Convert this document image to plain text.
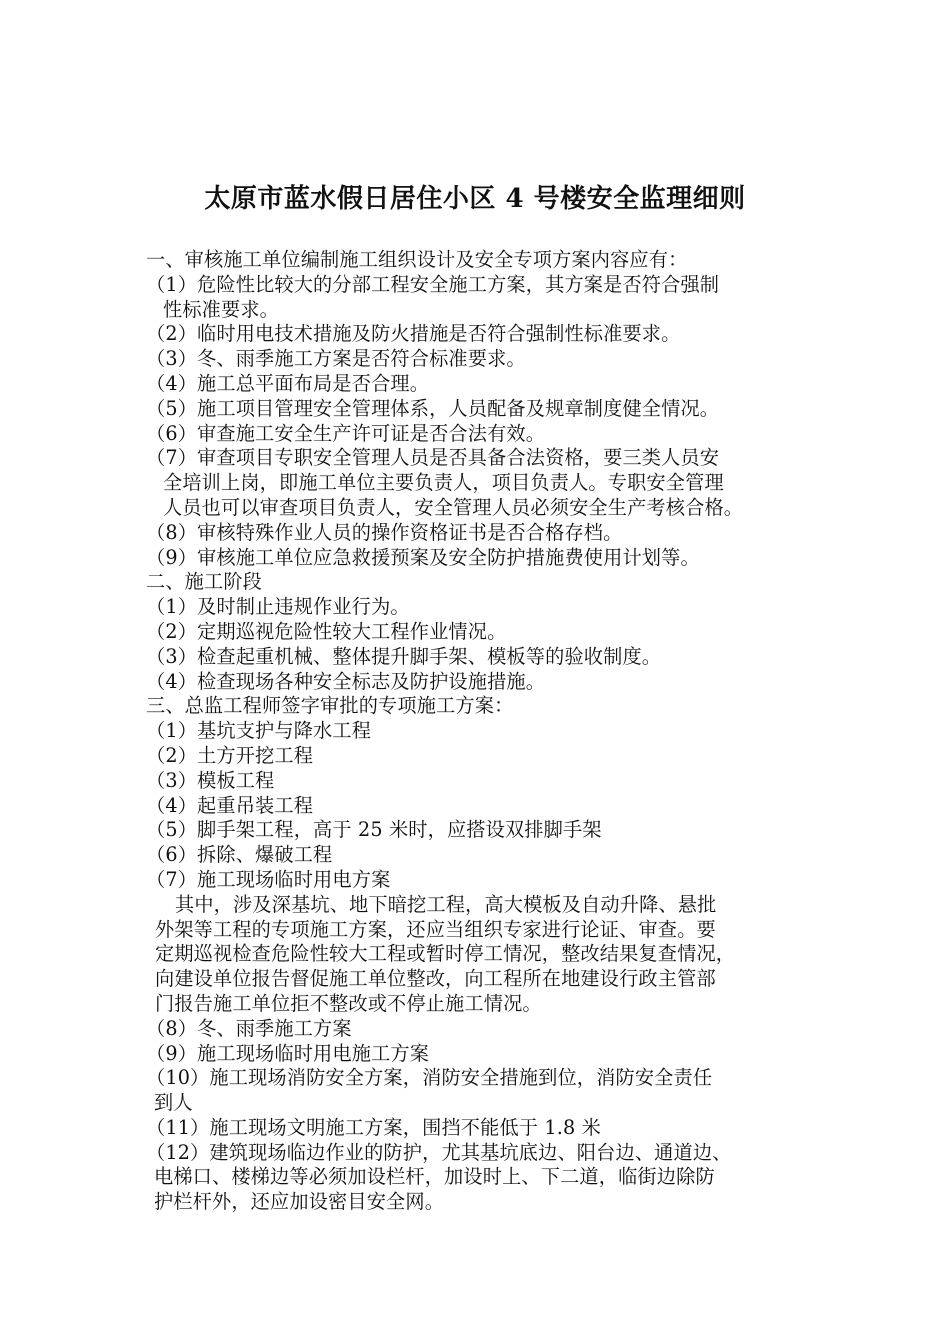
太原市蓝水假日居住小区 4 号楼安全监理细则
一、审核施工单位编制施工组织设计及安全专项方案内容应有：
（1）危险性比较大的分部工程安全施工方案，其方案是否符合强制
性标准要求。
（2）临时用电技术措施及防火措施是否符合强制性标准要求。
（3）冬、雨季施工方案是否符合标准要求。
（4）施工总平面布局是否合理。
（5）施工项目管理安全管理体系，人员配备及规章制度健全情况。
（6）审查施工安全生产许可证是否合法有效。
（7）审查项目专职安全管理人员是否具备合法资格，要三类人员安
全培训上岗，即施工单位主要负责人，项目负责人。专职安全管理
人员也可以审查项目负责人，安全管理人员必须安全生产考核合格。
（8）审核特殊作业人员的操作资格证书是否合格存档。
（9）审核施工单位应急救援预案及安全防护措施费使用计划等。
二、施工阶段
（1）及时制止违规作业行为。
（2）定期巡视危险性较大工程作业情况。
（3）检查起重机械、整体提升脚手架、模板等的验收制度。
（4）检查现场各种安全标志及防护设施措施。
三、总监工程师签字审批的专项施工方案：
（1）基坑支护与降水工程
（2）土方开挖工程
（3）模板工程
（4）起重吊装工程
（5）脚手架工程，高于 25 米时，应搭设双排脚手架
（6）拆除、爆破工程
（7）施工现场临时用电方案
其中，涉及深基坑、地下暗挖工程，高大模板及自动升降、悬批
外架等工程的专项施工方案，还应当组织专家进行论证、审查。要
定期巡视检查危险性较大工程或暂时停工情况，整改结果复查情况，
向建设单位报告督促施工单位整改，向工程所在地建设行政主管部
门报告施工单位拒不整改或不停止施工情况。
（8）冬、雨季施工方案
（9）施工现场临时用电施工方案
（10）施工现场消防安全方案，消防安全措施到位，消防安全责任
到人
（11）施工现场文明施工方案，围挡不能低于 1.8 米
（12）建筑现场临边作业的防护，尤其基坑底边、阳台边、通道边、
电梯口、楼梯边等必须加设栏杆，加设时上、下二道，临街边除防
护栏杆外，还应加设密目安全网。
